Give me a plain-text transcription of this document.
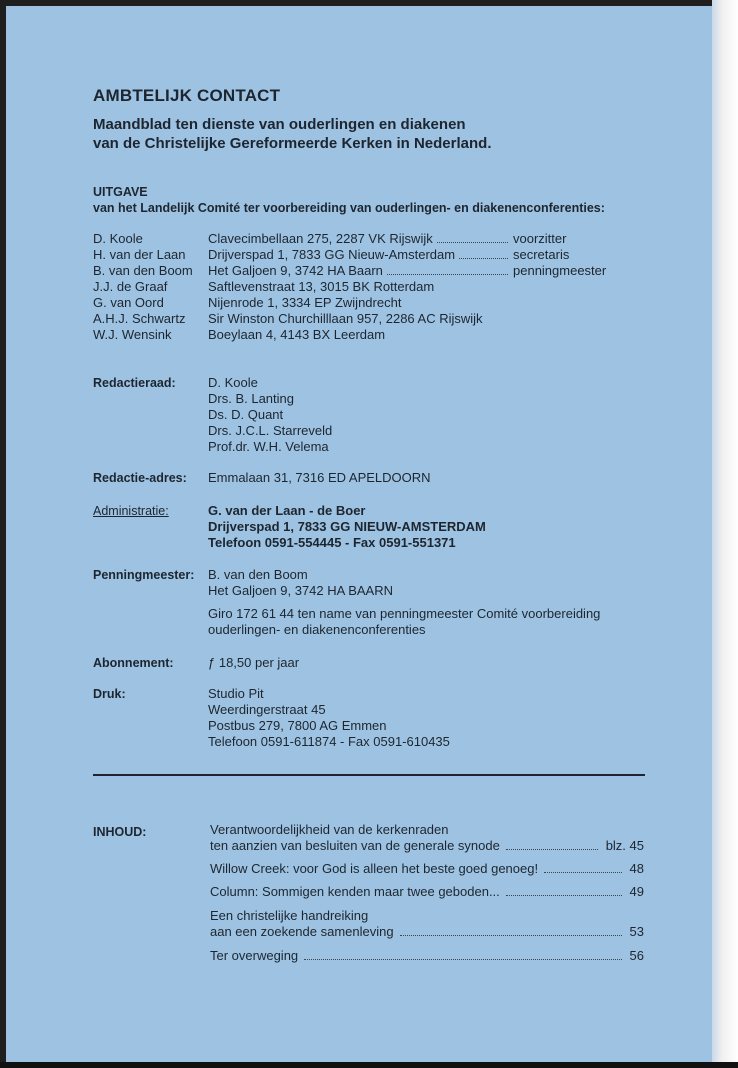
AMBTELIJK CONTACT
Maandblad ten dienste van ouderlingen en diakenen
van de Christelijke Gereformeerde Kerken in Nederland.
UITGAVE
van het Landelijk Comité ter voorbereiding van ouderlingen- en diakenenconferenties:
D. Koole	Clavecimbellaan 275, 2287 VK Rijswijk	voorzitter
H. van der Laan	Drijverspad 1, 7833 GG Nieuw-Amsterdam	secretaris
B. van den Boom	Het Galjoen 9, 3742 HA Baarn	penningmeester
J.J. de Graaf	Saftlevenstraat 13, 3015 BK Rotterdam
G. van Oord	Nijenrode 1, 3334 EP Zwijndrecht
A.H.J. Schwartz	Sir Winston Churchilllaan 957, 2286 AC Rijswijk
W.J. Wensink	Boeylaan 4, 4143 BX Leerdam
Redactieraad: D. Koole
Drs. B. Lanting
Ds. D. Quant
Drs. J.C.L. Starreveld
Prof.dr. W.H. Velema
Redactie-adres: Emmalaan 31, 7316 ED APELDOORN
Administratie:	G. van der Laan - de Boer
Drijverspad 1, 7833 GG NIEUW-AMSTERDAM
Telefoon 0591-554445 - Fax 0591-551371
Penningmeester: B. van den Boom
Het Galjoen 9, 3742 HA BAARN
Giro 172 61 44 ten name van penningmeester Comité voorbereiding
ouderlingen- en diakenenconferenties
Abonnement:	ƒ 18,50 per jaar
Druk:	Studio Pit
Weerdingerstraat 45
Postbus 279, 7800 AG Emmen
Telefoon 0591-611874 - Fax 0591-610435
INHOUD:	Verantwoordelijkheid van de kerkenraden
ten aanzien van besluiten van de generale synode	blz. 45
Willow Creek: voor God is alleen het beste goed genoeg!	48
Column: Sommigen kenden maar twee geboden...	49
Een christelijke handreiking
aan een zoekende samenleving	53
Ter overweging	56
